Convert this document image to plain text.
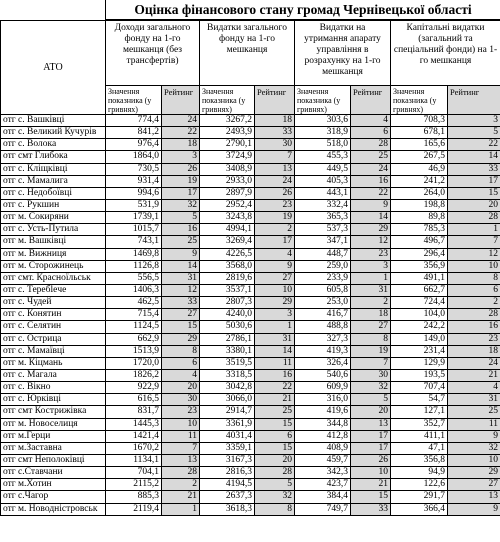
Оцінка фінансового стану громад Чернівецької області
АТО	Доходи загального фонду на 1-го мешканця (без трансфертів)		Видатки загального фонду на 1-го мешканця		Видатки на утримання апарату управління в розрахунку на 1-го мешканця		Капітальні видатки (загальний та спеціальний фонди) на 1-го мешканця	
	Значення показника (у гривнях)	Рейтинг	Значення показника (у гривнях)	Рейтинг	Значення показника (у гривнях)	Рейтинг	Значення показника (у гривнях)	Рейтинг
отг с. Вашківці	774,4	24	3267,2	18	303,6	4	708,3	3
отг с. Великий Кучурів	841,2	22	2493,9	33	318,9	6	678,1	5
отг с. Волока	976,4	18	2790,1	30	518,0	28	165,6	22
отг смт Глибока	1864,0	3	3724,9	7	455,3	25	267,5	14
отг с. Кліщківці	730,5	26	3408,9	13	449,5	24	46,9	33
отг с. Мамалига	931,4	19	2933,0	24	405,3	16	241,2	17
отг с. Недобоївці	994,6	17	2897,9	26	443,1	22	264,0	15
отг с. Рукшин	531,9	32	2952,4	23	332,4	9	198,8	20
отг м. Сокиряни	1739,1	5	3243,8	19	365,3	14	89,8	28
отг с. Усть-Путила	1015,7	16	4994,1	2	537,3	29	785,3	1
отг м. Вашківці	743,1	25	3269,4	17	347,1	12	496,7	7
отг м. Вижниця	1469,8	9	4226,5	4	448,7	23	296,4	12
отг м. Сторожинець	1126,8	14	3568,0	9	259,0	3	356,9	10
отг смт. Красноїльськ	556,5	31	2819,6	27	233,9	1	491,1	8
отг с. Теребleче	1406,3	12	3537,1	10	605,8	31	662,7	6
отг с. Чудей	462,5	33	2807,3	29	253,0	2	724,4	2
отг с. Конятин	715,4	27	4240,0	3	416,7	18	104,0	28
отг с. Селятин	1124,5	15	5030,6	1	488,8	27	242,2	16
отг с. Острица	662,9	29	2786,1	31	327,3	8	149,0	23
отг с. Мамаївці	1513,9	8	3380,1	14	419,3	19	231,4	18
отг м. Кіцмань	1720,0	6	3519,5	11	326,4	7	129,9	24
отг с. Магала	1826,2	4	3318,5	16	540,6	30	193,5	21
отг с. Вікно	922,9	20	3042,8	22	609,9	32	707,4	4
отг с. Юрківці	616,5	30	3066,0	21	316,0	5	54,7	31
отг смт Кострижівка	831,7	23	2914,7	25	419,6	20	127,1	25
отг м. Новоселиця	1445,3	10	3361,9	15	344,8	13	352,7	11
отг м.Герци	1421,4	11	4031,4	6	412,8	17	411,1	9
отг м.Заставна	1670,2	7	3359,1	15	408,9	17	47,1	32
отг смт Неполоківці	1134,1	13	3167,3	20	459,7	26	356,8	10
отг с.Ставчани	704,1	28	2816,3	28	342,3	10	94,9	29
отг м.Хотин	2115,2	2	4194,5	5	423,7	21	122,6	27
отг с.Чагор	885,3	21	2637,3	32	384,4	15	291,7	13
отг м. Новодністровськ	2119,4	1	3618,3	8	749,7	33	366,4	9
